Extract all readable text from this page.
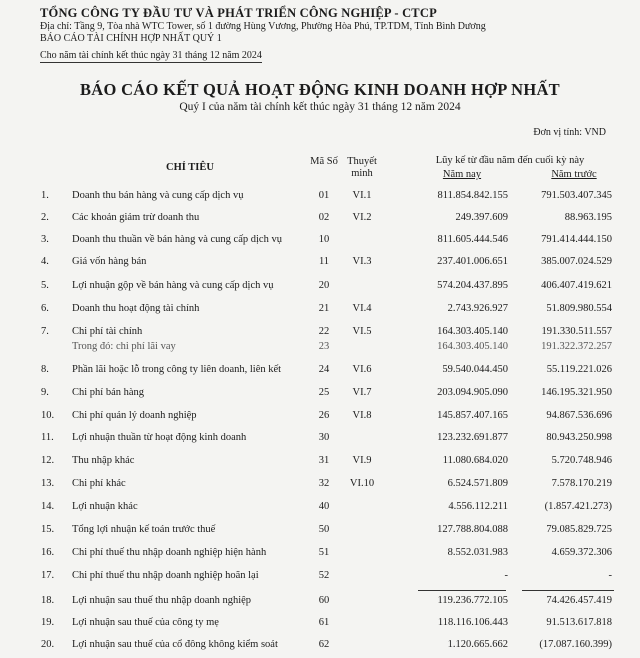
TỔNG CÔNG TY ĐẦU TƯ VÀ PHÁT TRIỂN CÔNG NGHIỆP - CTCP
Địa chỉ: Tầng 9, Tòa nhà WTC Tower, số 1 đường Hùng Vương, Phường Hòa Phú, TP.TDM, Tỉnh Bình Dương
BÁO CÁO TÀI CHÍNH HỢP NHẤT QUÝ 1
Cho năm tài chính kết thúc ngày 31 tháng 12 năm 2024
BÁO CÁO KẾT QUẢ HOẠT ĐỘNG KINH DOANH HỢP NHẤT
Quý I của năm tài chính kết thúc ngày 31 tháng 12 năm 2024
Đơn vị tính: VND
CHỈ TIÊU
Mã Số Thuyết minh
Lũy kế từ đầu năm đến cuối kỳ này
Năm nay	Năm trước
1. Doanh thu bán hàng và cung cấp dịch vụ	01	VI.1	811.854.842.155	791.503.407.345
2. Các khoản giảm trừ doanh thu	02	VI.2	249.397.609	88.963.195
3. Doanh thu thuần về bán hàng và cung cấp dịch vụ	10	811.605.444.546	791.414.444.150
4. Giá vốn hàng bán	11	VI.3	237.401.006.651	385.007.024.529
5. Lợi nhuận gộp về bán hàng và cung cấp dịch vụ	20	574.204.437.895	406.407.419.621
6. Doanh thu hoạt động tài chính	21	VI.4	2.743.926.927	51.809.980.554
7. Chi phí tài chính	22	VI.5	164.303.405.140	191.330.511.557
Trong đó: chi phí lãi vay	23	164.303.405.140	191.322.372.257
8. Phần lãi hoặc lỗ trong công ty liên doanh, liên kết	24	VI.6	59.540.044.450	55.119.221.026
9. Chi phí bán hàng	25	VI.7	203.094.905.090	146.195.321.950
10. Chi phí quản lý doanh nghiệp	26	VI.8	145.857.407.165	94.867.536.696
11. Lợi nhuận thuần từ hoạt động kinh doanh	30	123.232.691.877	80.943.250.998
12. Thu nhập khác	31	VI.9	11.080.684.020	5.720.748.946
13. Chi phí khác	32	VI.10	6.524.571.809	7.578.170.219
14. Lợi nhuận khác	40	4.556.112.211	(1.857.421.273)
15. Tổng lợi nhuận kế toán trước thuế	50	127.788.804.088	79.085.829.725
16. Chi phí thuế thu nhập doanh nghiệp hiện hành	51	8.552.031.983	4.659.372.306
17. Chi phí thuế thu nhập doanh nghiệp hoãn lại	52	-	-
18. Lợi nhuận sau thuế thu nhập doanh nghiệp	60	119.236.772.105	74.426.457.419
19. Lợi nhuận sau thuế của công ty mẹ	61	118.116.106.443	91.513.617.818
20. Lợi nhuận sau thuế của cổ đông không kiểm soát	62	1.120.665.662	(17.087.160.399)
